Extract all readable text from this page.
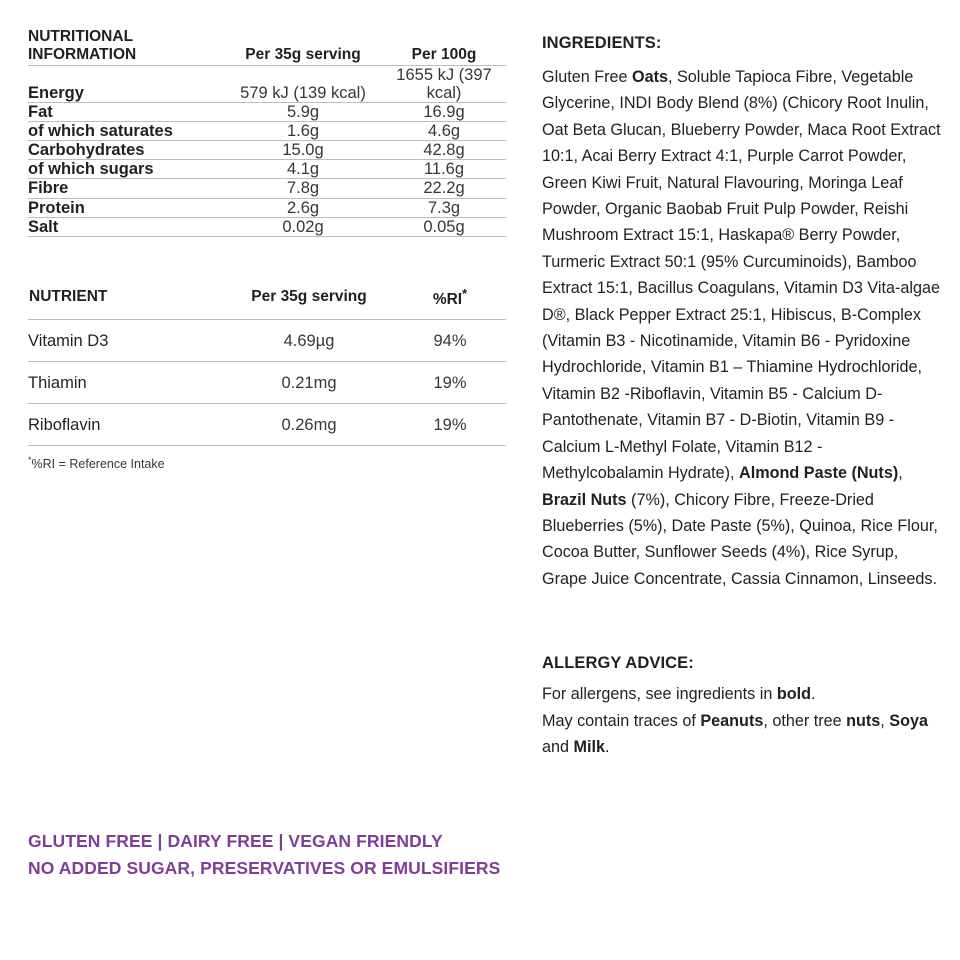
NUTRITIONAL
INFORMATION	Per 35g serving	Per 100g
Energy	579 kJ (139 kcal)	1655 kJ (397 kcal)
Fat	5.9g	16.9g
of which saturates	1.6g	4.6g
Carbohydrates	15.0g	42.8g
of which sugars	4.1g	11.6g
Fibre	7.8g	22.2g
Protein	2.6g	7.3g
Salt	0.02g	0.05g
NUTRIENT	Per 35g serving	%RI*
Vitamin D3	4.69µg	94%
Thiamin	0.21mg	19%
Riboflavin	0.26mg	19%
*%RI = Reference Intake
GLUTEN FREE | DAIRY FREE | VEGAN FRIENDLY
NO ADDED SUGAR, PRESERVATIVES OR EMULSIFIERS
INGREDIENTS:
Gluten Free Oats, Soluble Tapioca Fibre, Vegetable Glycerine, INDI Body Blend (8%) (Chicory Root Inulin, Oat Beta Glucan, Blueberry Powder, Maca Root Extract 10:1, Acai Berry Extract 4:1, Purple Carrot Powder, Green Kiwi Fruit, Natural Flavouring, Moringa Leaf Powder, Organic Baobab Fruit Pulp Powder, Reishi Mushroom Extract 15:1, Haskapa® Berry Powder, Turmeric Extract 50:1 (95% Curcuminoids), Bamboo Extract 15:1, Bacillus Coagulans, Vitamin D3 Vita-algae D®, Black Pepper Extract 25:1, Hibiscus, B-Complex (Vitamin B3 - Nicotinamide, Vitamin B6 - Pyridoxine Hydrochloride, Vitamin B1 – Thiamine Hydrochloride, Vitamin B2 -Riboflavin, Vitamin B5 - Calcium D-Pantothenate, Vitamin B7 - D-Biotin, Vitamin B9 - Calcium L-Methyl Folate, Vitamin B12 - Methylcobalamin Hydrate), Almond Paste (Nuts), Brazil Nuts (7%), Chicory Fibre, Freeze-Dried Blueberries (5%), Date Paste (5%), Quinoa, Rice Flour, Cocoa Butter, Sunflower Seeds (4%), Rice Syrup, Grape Juice Concentrate, Cassia Cinnamon, Linseeds.
ALLERGY ADVICE:
For allergens, see ingredients in bold.
May contain traces of Peanuts, other tree nuts, Soya and Milk.
